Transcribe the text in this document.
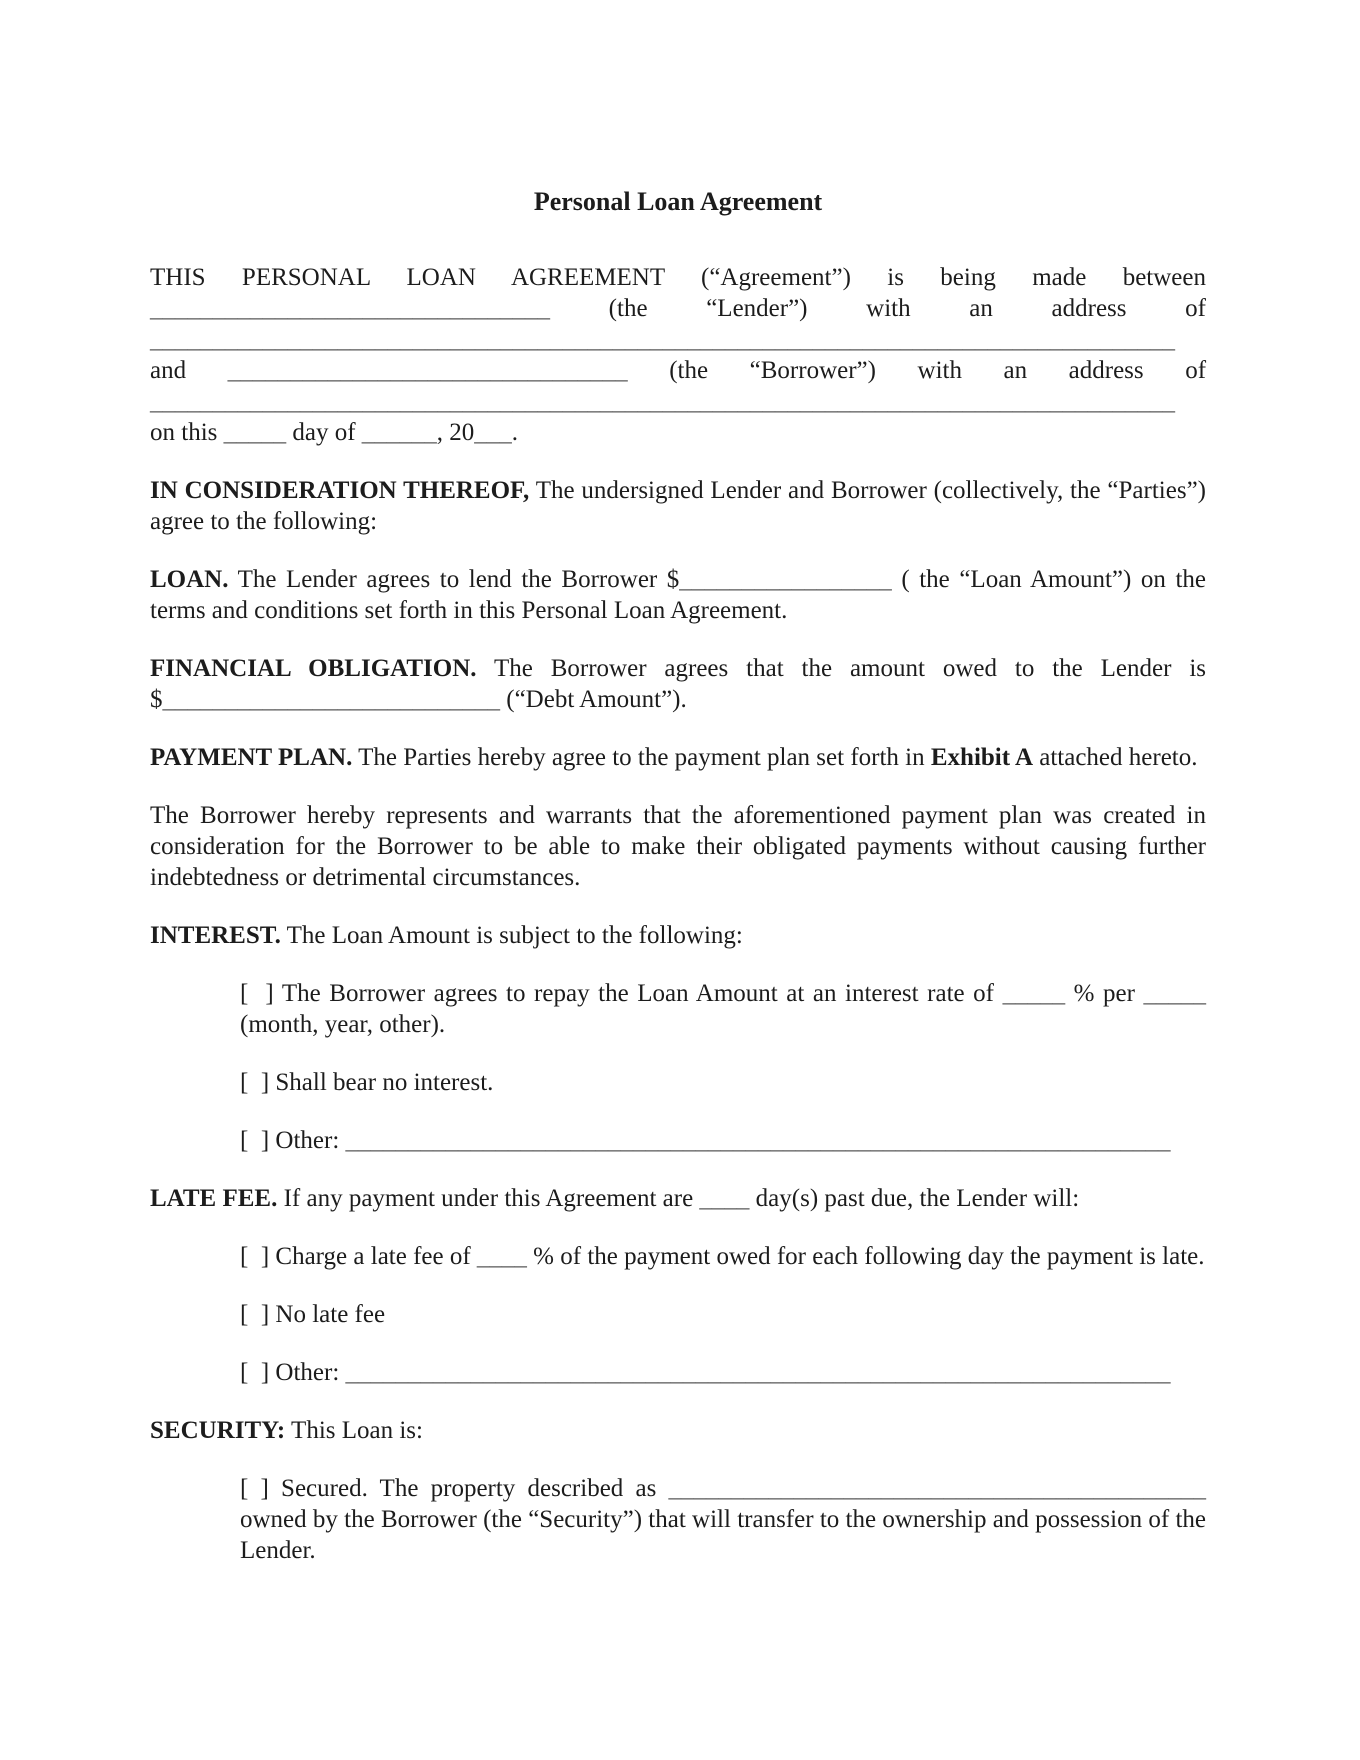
Personal Loan Agreement

THIS PERSONAL LOAN AGREEMENT (“Agreement”) is being made between ________________________________ (the “Lender”) with an address of __________________________________________________________________________________ and ________________________________ (the “Borrower”) with an address of __________________________________________________________________________________ on this _____ day of ______, 20___.

IN CONSIDERATION THEREOF, The undersigned Lender and Borrower (collectively, the “Parties”) agree to the following:

LOAN. The Lender agrees to lend the Borrower $_________________ ( the “Loan Amount”) on the terms and conditions set forth in this Personal Loan Agreement.

FINANCIAL OBLIGATION. The Borrower agrees that the amount owed to the Lender is $___________________________ (“Debt Amount”).

PAYMENT PLAN. The Parties hereby agree to the payment plan set forth in Exhibit A attached hereto.

The Borrower hereby represents and warrants that the aforementioned payment plan was created in consideration for the Borrower to be able to make their obligated payments without causing further indebtedness or detrimental circumstances.

INTEREST. The Loan Amount is subject to the following:

[  ] The Borrower agrees to repay the Loan Amount at an interest rate of _____ % per _____ (month, year, other).

[  ] Shall bear no interest.

[  ] Other: __________________________________________________________________

LATE FEE. If any payment under this Agreement are ____ day(s) past due, the Lender will:

[  ] Charge a late fee of ____ % of the payment owed for each following day the payment is late.

[  ] No late fee

[  ] Other: __________________________________________________________________

SECURITY: This Loan is:

[ ] Secured. The property described as ___________________________________________ owned by the Borrower (the “Security”) that will transfer to the ownership and possession of the Lender.
